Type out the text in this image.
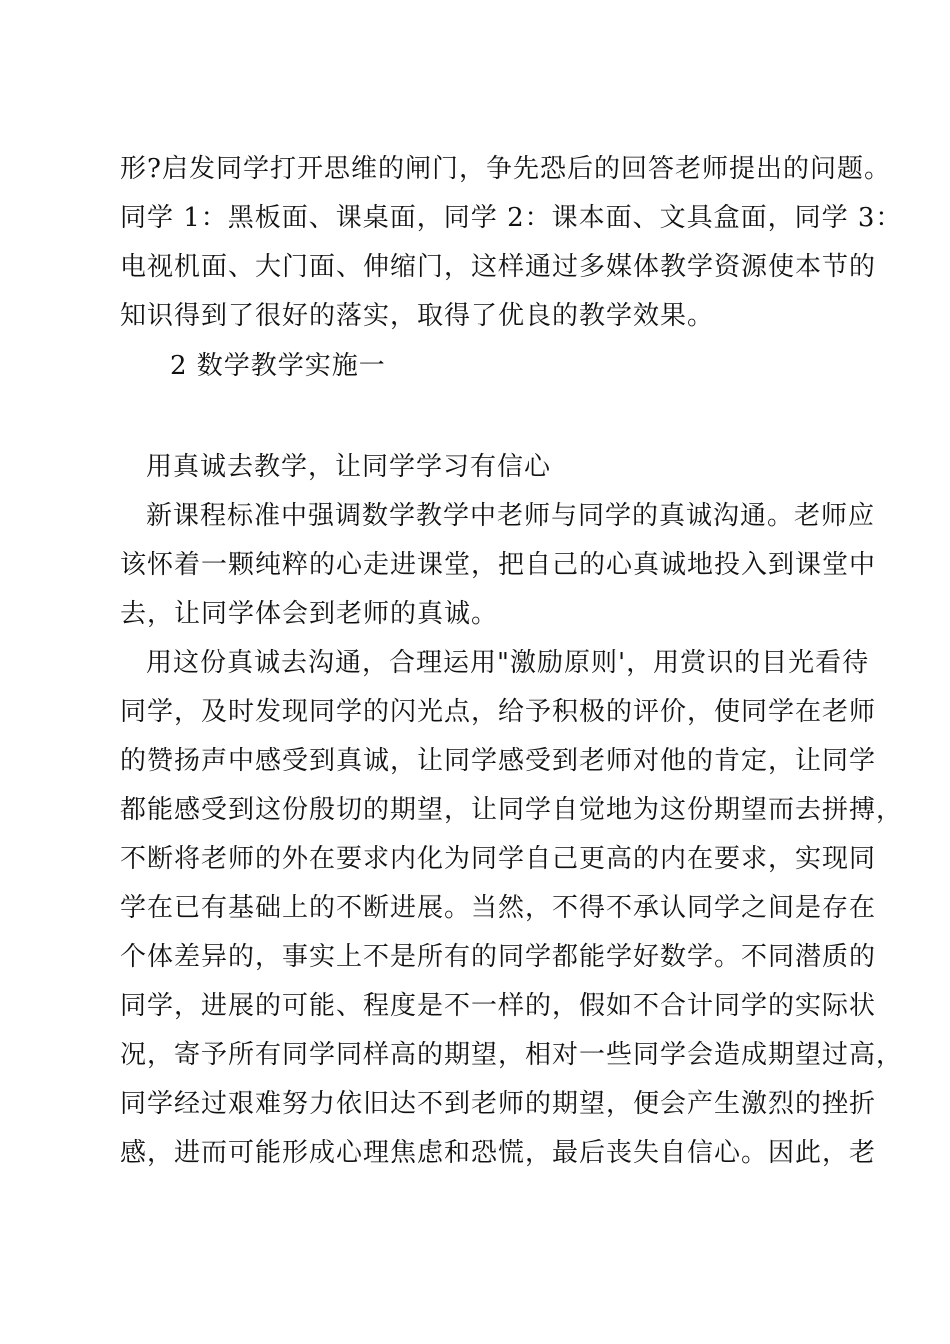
形?启发同学打开思维的闸门，争先恐后的回答老师提出的问题。
同学 1：黑板面、课桌面，同学 2：课本面、文具盒面，同学 3：
电视机面、大门面、伸缩门，这样通过多媒体教学资源使本节的
知识得到了很好的落实，取得了优良的教学效果。
2 数学教学实施一
用真诚去教学，让同学学习有信心
新课程标准中强调数学教学中老师与同学的真诚沟通。老师应
该怀着一颗纯粹的心走进课堂，把自己的心真诚地投入到课堂中
去，让同学体会到老师的真诚。
用这份真诚去沟通，合理运用"激励原则'，用赏识的目光看待
同学，及时发现同学的闪光点，给予积极的评价，使同学在老师
的赞扬声中感受到真诚，让同学感受到老师对他的肯定，让同学
都能感受到这份殷切的期望，让同学自觉地为这份期望而去拼搏，
不断将老师的外在要求内化为同学自己更高的内在要求，实现同
学在已有基础上的不断进展。当然，不得不承认同学之间是存在
个体差异的，事实上不是所有的同学都能学好数学。不同潜质的
同学，进展的可能、程度是不一样的，假如不合计同学的实际状
况，寄予所有同学同样高的期望，相对一些同学会造成期望过高，
同学经过艰难努力依旧达不到老师的期望，便会产生激烈的挫折
感，进而可能形成心理焦虑和恐慌，最后丧失自信心。因此，老
